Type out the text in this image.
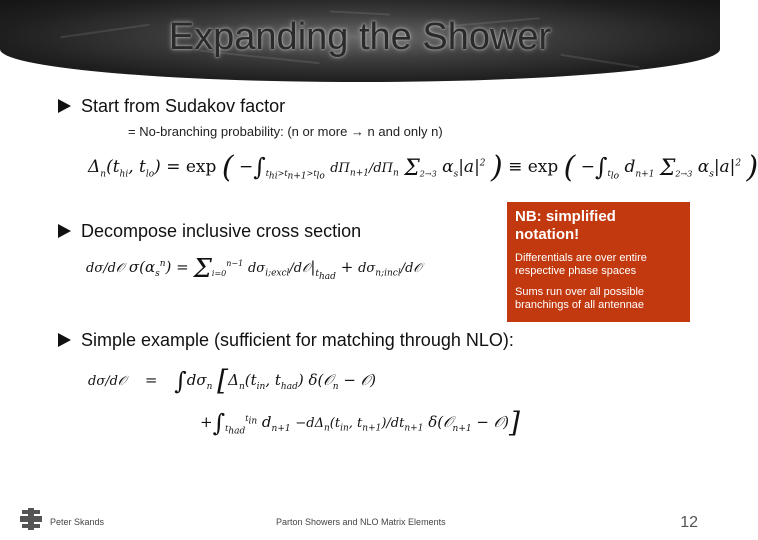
Expanding the Shower
Start from Sudakov factor
= No-branching probability: (n or more → n and only n)
$\Delta_n(t_{hi}$, $t_{lo}) = \exp$ ( $-\int_{t_{hi}>t_{n+1}>t_{lo}}$ $d\Pi_{n+1}/d\Pi_n$ $\Sigma_{2\to 3}$ $\alpha_s|a|^2$ ) ≡ exp ( $-\int_{t_{lo}}$ $d_{n+1}$ $\Sigma_{2\to 3}$ $\alpha_s|a|^2$ )
Decompose inclusive cross section
dσ/d𝒪 $\sigma(\alpha_s^n) = \Sigma_{i=0}^{n-1}$ $d\sigma_{i;excl}/d𝒪|_{t_{had}}$ + $d\sigma_{n;incl}/d𝒪$
NB: simplified notation!
Differentials are over entire respective phase spaces
Sums run over all possible branchings of all antennae
Simple example (sufficient for matching through NLO):
dσ/d𝒪 = $\int d\sigma_n$ [$\Delta_n(t_{in}$, $t_{had}$) δ(𝒪$_n$ − 𝒪)
$+\int_{t_{had}}^{t_{in}}$ $d_{n+1} -d\Delta_n(t_{in}$, $t_{n+1})/dt_{n+1}$ δ(𝒪$_{n+1}$ − 𝒪)]
Peter Skands	Parton Showers and NLO Matrix Elements	12
